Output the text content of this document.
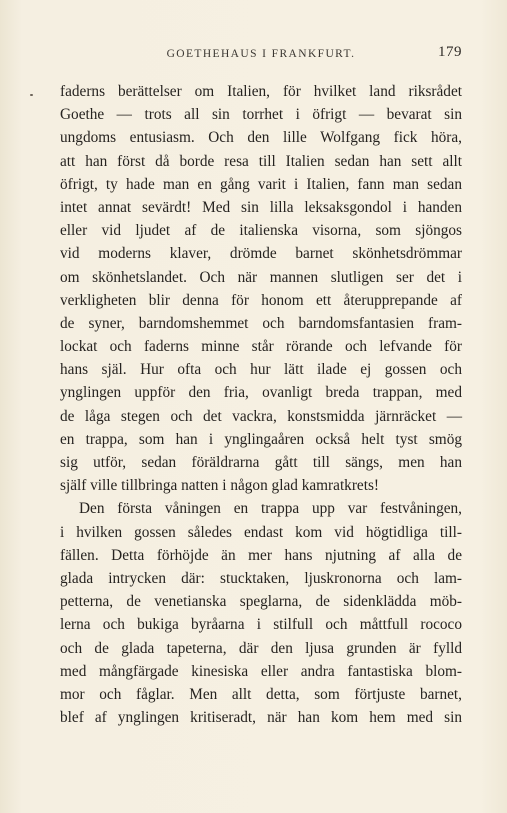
GOETHEHAUS I FRANKFURT.	179
faderns berättelser om Italien, för hvilket land riksrådet
Goethe — trots all sin torrhet i öfrigt — bevarat sin
ungdoms entusiasm. Och den lille Wolfgang fick höra,
att han först då borde resa till Italien sedan han sett allt
öfrigt, ty hade man en gång varit i Italien, fann man sedan
intet annat sevärdt! Med sin lilla leksaksgondol i handen
eller vid ljudet af de italienska visorna, som sjöngos
vid moderns klaver, drömde barnet skönhetsdrömmar
om skönhetslandet. Och när mannen slutligen ser det i
verkligheten blir denna för honom ett återupprepande af
de syner, barndomshemmet och barndomsfantasien fram-
lockat och faderns minne står rörande och lefvande för
hans själ. Hur ofta och hur lätt ilade ej gossen och
ynglingen uppför den fria, ovanligt breda trappan, med
de låga stegen och det vackra, konstsmidda järnräcket —
en trappa, som han i ynglingaåren också helt tyst smög
sig utför, sedan föräldrarna gått till sängs, men han
själf ville tillbringa natten i någon glad kamratkrets!
Den första våningen en trappa upp var festvåningen,
i hvilken gossen således endast kom vid högtidliga till-
fällen. Detta förhöjde än mer hans njutning af alla de
glada intrycken där: stucktaken, ljuskronorna och lam-
petterna, de venetianska speglarna, de sidenklädda möb-
lerna och bukiga byråarna i stilfull och måttfull rococo
och de glada tapeterna, där den ljusa grunden är fylld
med mångfärgade kinesiska eller andra fantastiska blom-
mor och fåglar. Men allt detta, som förtjuste barnet,
blef af ynglingen kritiseradt, när han kom hem med sin
